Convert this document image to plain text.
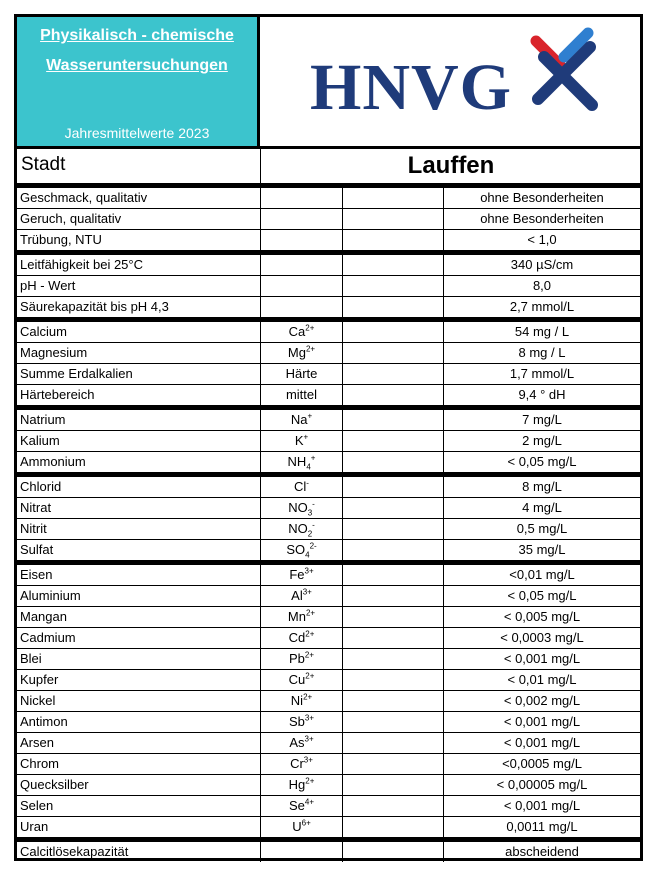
Physikalisch - chemische
Wasseruntersuchungen
Jahresmittelwerte 2023
HNVG
Stadt	Lauffen
Geschmack, qualitativ	ohne Besonderheiten
Geruch, qualitativ	ohne Besonderheiten
Trübung, NTU	< 1,0
Leitfähigkeit bei 25°C	340 µS/cm
pH - Wert	8,0
Säurekapazität bis pH 4,3	2,7 mmol/L
Calcium	$Ca^{2+}$	54 mg / L
Magnesium	$Mg^{2+}$	8 mg / L
Summe Erdalkalien	Härte	1,7 mmol/L
Härtebereich	mittel	9,4 ° dH
Natrium	Na+	7 mg/L
Kalium	K+	2 mg/L
Ammonium	$NH_4^+$	< 0,05 mg/L
Chlorid	Cl-	8 mg/L
Nitrat	$NO_3^-$	4 mg/L
Nitrit	$NO_2^-$	0,5 mg/L
Sulfat	$SO_4^{2-}$	35 mg/L
Eisen	$Fe^{3+}$	<0,01 mg/L
Aluminium	$Al^{3+}$	< 0,05 mg/L
Mangan	$Mn^{2+}$	< 0,005 mg/L
Cadmium	$Cd^{2+}$	< 0,0003 mg/L
Blei	$Pb^{2+}$	< 0,001 mg/L
Kupfer	$Cu^{2+}$	< 0,01 mg/L
Nickel	$Ni^{2+}$	< 0,002 mg/L
Antimon	$Sb^{3+}$	< 0,001 mg/L
Arsen	$As^{3+}$	< 0,001 mg/L
Chrom	$Cr^{3+}$	<0,0005 mg/L
Quecksilber	$Hg^{2+}$	< 0,00005 mg/L
Selen	$Se^{4+}$	< 0,001 mg/L
Uran	$U^{6+}$	0,0011 mg/L
Calcitlösekapazität	abscheidend
